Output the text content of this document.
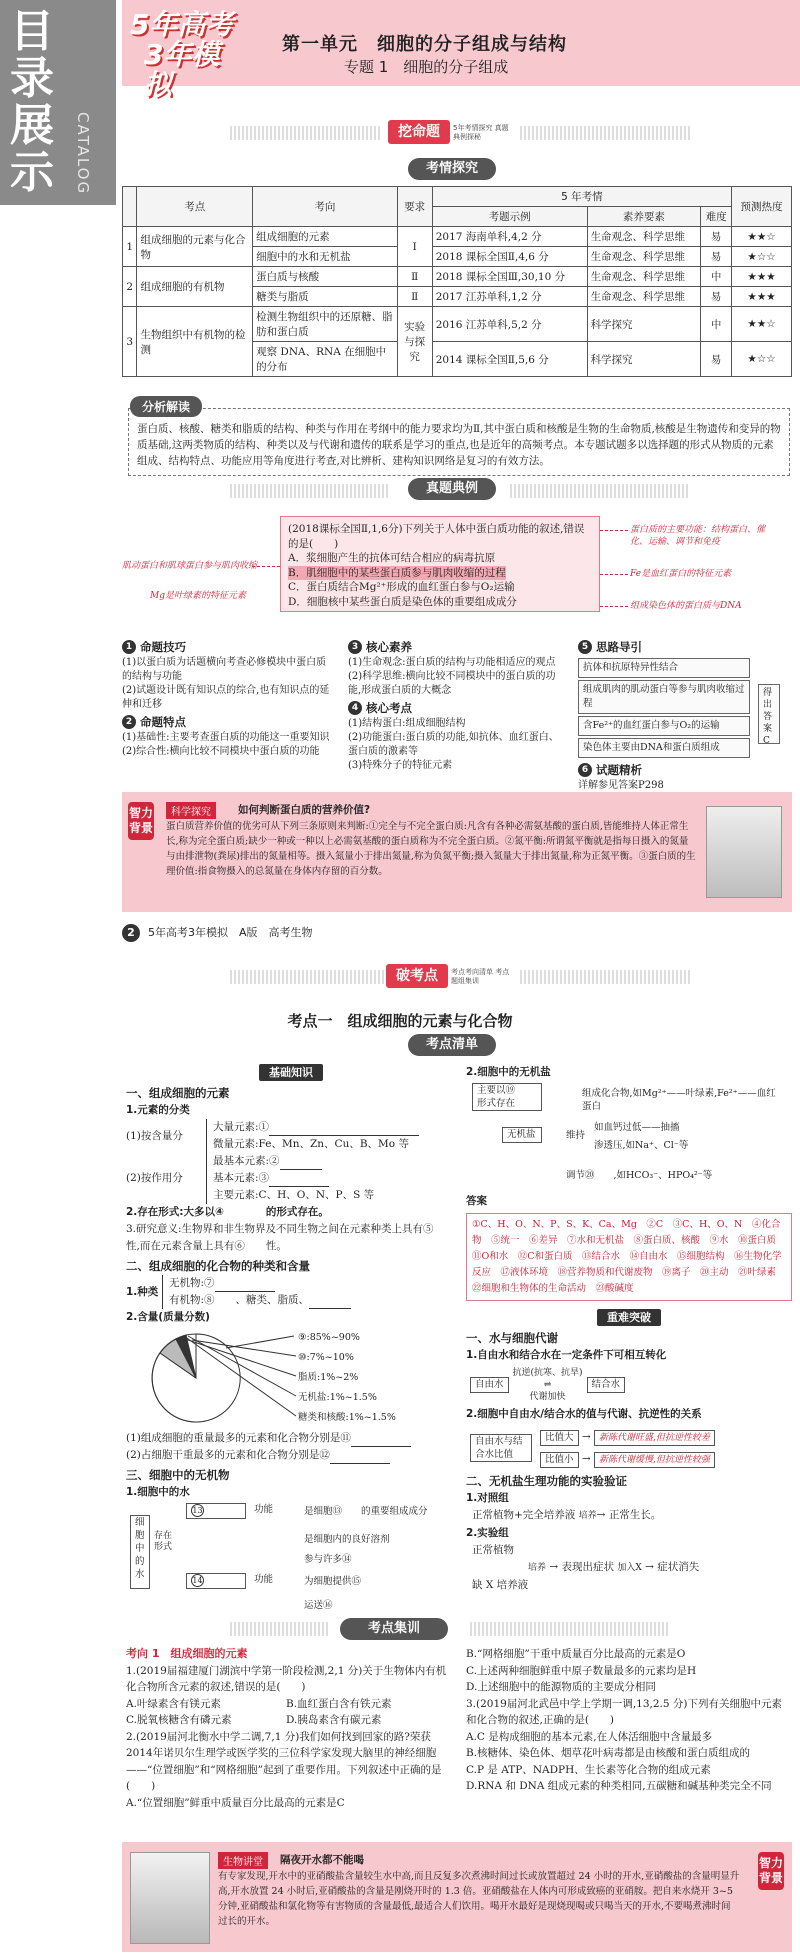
目录展示	CATALOG
5年高考
3年模拟
第一单元　细胞的分子组成与结构
专题 1　细胞的分子组成
挖命题 5年考情探究 真题典例探秘
考情探究
	考点	考向	要求	5 年考情			预测热度
				考题示例	素养要素	难度	
1	组成细胞的元素与化合物	组成细胞的元素	Ⅰ	2017 海南单科,4,2 分	生命观念、科学思维	易	★★☆
		细胞中的水和无机盐		2018 课标全国Ⅱ,4,6 分	生命观念、科学思维	易	★☆☆
2	组成细胞的有机物	蛋白质与核酸	Ⅱ	2018 课标全国Ⅲ,30,10 分	生命观念、科学思维	中	★★★
		糖类与脂质	Ⅱ	2017 江苏单科,1,2 分	生命观念、科学思维	易	★★★
3	生物组织中有机物的检测	检测生物组织中的还原糖、脂肪和蛋白质	实验与探究	2016 江苏单科,5,2 分	科学探究	中	★★☆
		观察 DNA、RNA 在细胞中的分布		2014 课标全国Ⅱ,5,6 分	科学探究	易	★☆☆
蛋白质、核酸、糖类和脂质的结构、种类与作用在考纲中的能力要求均为Ⅱ,其中蛋白质和核酸是生物的生命物质,核酸是生物遗传和变异的物质基础,这两类物质的结构、种类以及与代谢和遗传的联系是学习的重点,也是近年的高频考点。本专题试题多以选择题的形式从物质的元素组成、结构特点、功能应用等角度进行考查,对比辨析、建构知识网络是复习的有效方法。
分析解读
真题典例
(2018课标全国Ⅱ,1,6分)下列关于人体中蛋白质功能的叙述,错误的是(　　)
A．浆细胞产生的抗体可结合相应的病毒抗原
B．肌细胞中的某些蛋白质参与肌肉收缩的过程
C．蛋白质结合Mg²⁺形成的血红蛋白参与O₂运输
D．细胞核中某些蛋白质是染色体的重要组成成分
蛋白质的主要功能：结构蛋白、催化、运输、调节和免疫
Fe是血红蛋白的特征元素
组成染色体的蛋白质与DNA
肌动蛋白和肌球蛋白参与肌肉收缩
Mg是叶绿素的特征元素
1 命题技巧
(1)以蛋白质为话题横向考查必修模块中蛋白质的结构与功能
(2)试题设计既有知识点的综合,也有知识点的延伸和迁移
2 命题特点
(1)基础性:主要考查蛋白质的功能这一重要知识
(2)综合性:横向比较不同模块中蛋白质的功能
3 核心素养
(1)生命观念:蛋白质的结构与功能相适应的观点
(2)科学思维:横向比较不同模块中的蛋白质的功能,形成蛋白质的大概念
4 核心考点
(1)结构蛋白:组成细胞结构
(2)功能蛋白:蛋白质的功能,如抗体、血红蛋白、蛋白质的激素等
(3)特殊分子的特征元素
5 思路导引
抗体和抗原特异性结合
组成肌肉的肌动蛋白等参与肌肉收缩过程
含Fe²⁺的血红蛋白参与O₂的运输
染色体主要由DNA和蛋白质组成
得出答案C
6 试题精析
详解参见答案P298
智力背景
科学探究	如何判断蛋白质的营养价值?
蛋白质营养价值的优劣可从下列三条原则来判断:①完全与不完全蛋白质:凡含有各种必需氨基酸的蛋白质,皆能维持人体正常生长,称为完全蛋白质;缺少一种或一种以上必需氨基酸的蛋白质称为不完全蛋白质。②氮平衡:所谓氮平衡就是指每日摄入的氮量与由排泄物(粪尿)排出的氮量相等。摄入氮量小于排出氮量,称为负氮平衡;摄入氮量大于排出氮量,称为正氮平衡。③蛋白质的生理价值:指食物摄入的总氮量在身体内存留的百分数。
2 5年高考3年模拟　 A版　 高考生物
破考点 考点考向清单 考点题组集训
考点一　组成细胞的元素与化合物
考点清单
基础知识
一、组成细胞的元素
1.元素的分类
(1)按含量分
大量元素:①
微量元素:Fe、Mn、Zn、Cu、B、Mo 等
(2)按作用分
最基本元素:②
基本元素:③
主要元素:C、H、O、N、P、S 等
2.存在形式:大多以④　　　　的形式存在。
3.研究意义:生物界和非生物界及不同生物之间在元素种类上具有⑤　　性,而在元素含量上具有⑥　　性。
二、组成细胞的化合物的种类和含量
1.种类
无机物:⑦
有机物:⑧　　、糖类、脂质、
2.含量(质量分数)
⑨:85%~90%
⑩:7%~10%
脂质:1%~2%
无机盐:1%~1.5%
糖类和核酸:1%~1.5%
(1)组成细胞的重量最多的元素和化合物分别是⑪
(2)占细胞干重最多的元素和化合物分别是⑫
三、细胞中的无机物
1.细胞中的水
细胞中的水
存在形式
13
14
功能	是细胞⑬　　的重要组成成分
功能
是细胞内的良好溶剂
参与许多⑭
为细胞提供⑮
运送⑯
2.细胞中的无机盐
主要以⑲　　形式存在
无机盐
组成化合物,如Mg²⁺——叶绿素,Fe²⁺——血红蛋白
维持
如血钙过低——抽搐
渗透压,如Na⁺、Cl⁻等
调节⑳　　,如HCO₃⁻、HPO₄²⁻等
答案
①C、H、O、N、P、S、K、Ca、Mg　②C　③C、H、O、N　④化合物　⑤统一　⑥差异　⑦水和无机盐　⑧蛋白质、核酸　⑨水　⑩蛋白质　⑪O和水　⑫C和蛋白质　⑬结合水　⑭自由水　⑮细胞结构　⑯生物化学反应　⑰液体环境　⑱营养物质和代谢废物　⑲离子　⑳主动　㉑叶绿素　㉒细胞和生物体的生命活动　㉓酸碱度
重难突破
一、水与细胞代谢
1.自由水和结合水在一定条件下可相互转化
自由水
抗逆(抗寒、抗旱)
⇌
代谢加快
结合水
2.细胞中自由水/结合水的值与代谢、抗逆性的关系
自由水与结合水比值
比值大 → 新陈代谢旺盛,但抗逆性较差
比值小 → 新陈代谢缓慢,但抗逆性较强
二、无机盐生理功能的实验验证
1.对照组
正常植物+完全培养液 培养→ 正常生长。
2.实验组
正常植物
培养 → 表现出症状 加入X → 症状消失
缺 X 培养液
考点集训
考向 1　组成细胞的元素
1.(2019届福建厦门湖滨中学第一阶段检测,2,1 分)关于生物体内有机化合物所含元素的叙述,错误的是(　　)
A.叶绿素含有镁元素	B.血红蛋白含有铁元素
C.脱氧核糖含有磷元素	D.胰岛素含有碳元素
2.(2019届河北衡水中学二调,7,1 分)我们如何找到回家的路?荣获2014年诺贝尔生理学或医学奖的三位科学家发现大脑里的神经细胞——“位置细胞”和“网格细胞”起到了重要作用。下列叙述中正确的是(　　)
A.“位置细胞”鲜重中质量百分比最高的元素是C
B.“网格细胞”干重中质量百分比最高的元素是O
C.上述两种细胞鲜重中原子数量最多的元素均是H
D.上述细胞中的能源物质的主要成分相同
3.(2019届河北武邑中学上学期一调,13,2.5 分)下列有关细胞中元素和化合物的叙述,正确的是(　　)
A.C 是构成细胞的基本元素,在人体活细胞中含量最多
B.核糖体、染色体、烟草花叶病毒都是由核酸和蛋白质组成的
C.P 是 ATP、NADPH、生长素等化合物的组成元素
D.RNA 和 DNA 组成元素的种类相同,五碳糖和碱基种类完全不同
生物讲堂	隔夜开水都不能喝
有专家发现,开水中的亚硝酸盐含量较生水中高,而且反复多次煮沸时间过长或放置超过 24 小时的开水,亚硝酸盐的含量明显升高,开水放置 24 小时后,亚硝酸盐的含量是刚烧开时的 1.3 倍。亚硝酸盐在人体内可形成致癌的亚硝胺。把自来水烧开 3~5 分钟,亚硝酸盐和氯化物等有害物质的含量最低,最适合人们饮用。喝开水最好是现烧现喝或只喝当天的开水,不要喝煮沸时间过长的开水。
智力背景
